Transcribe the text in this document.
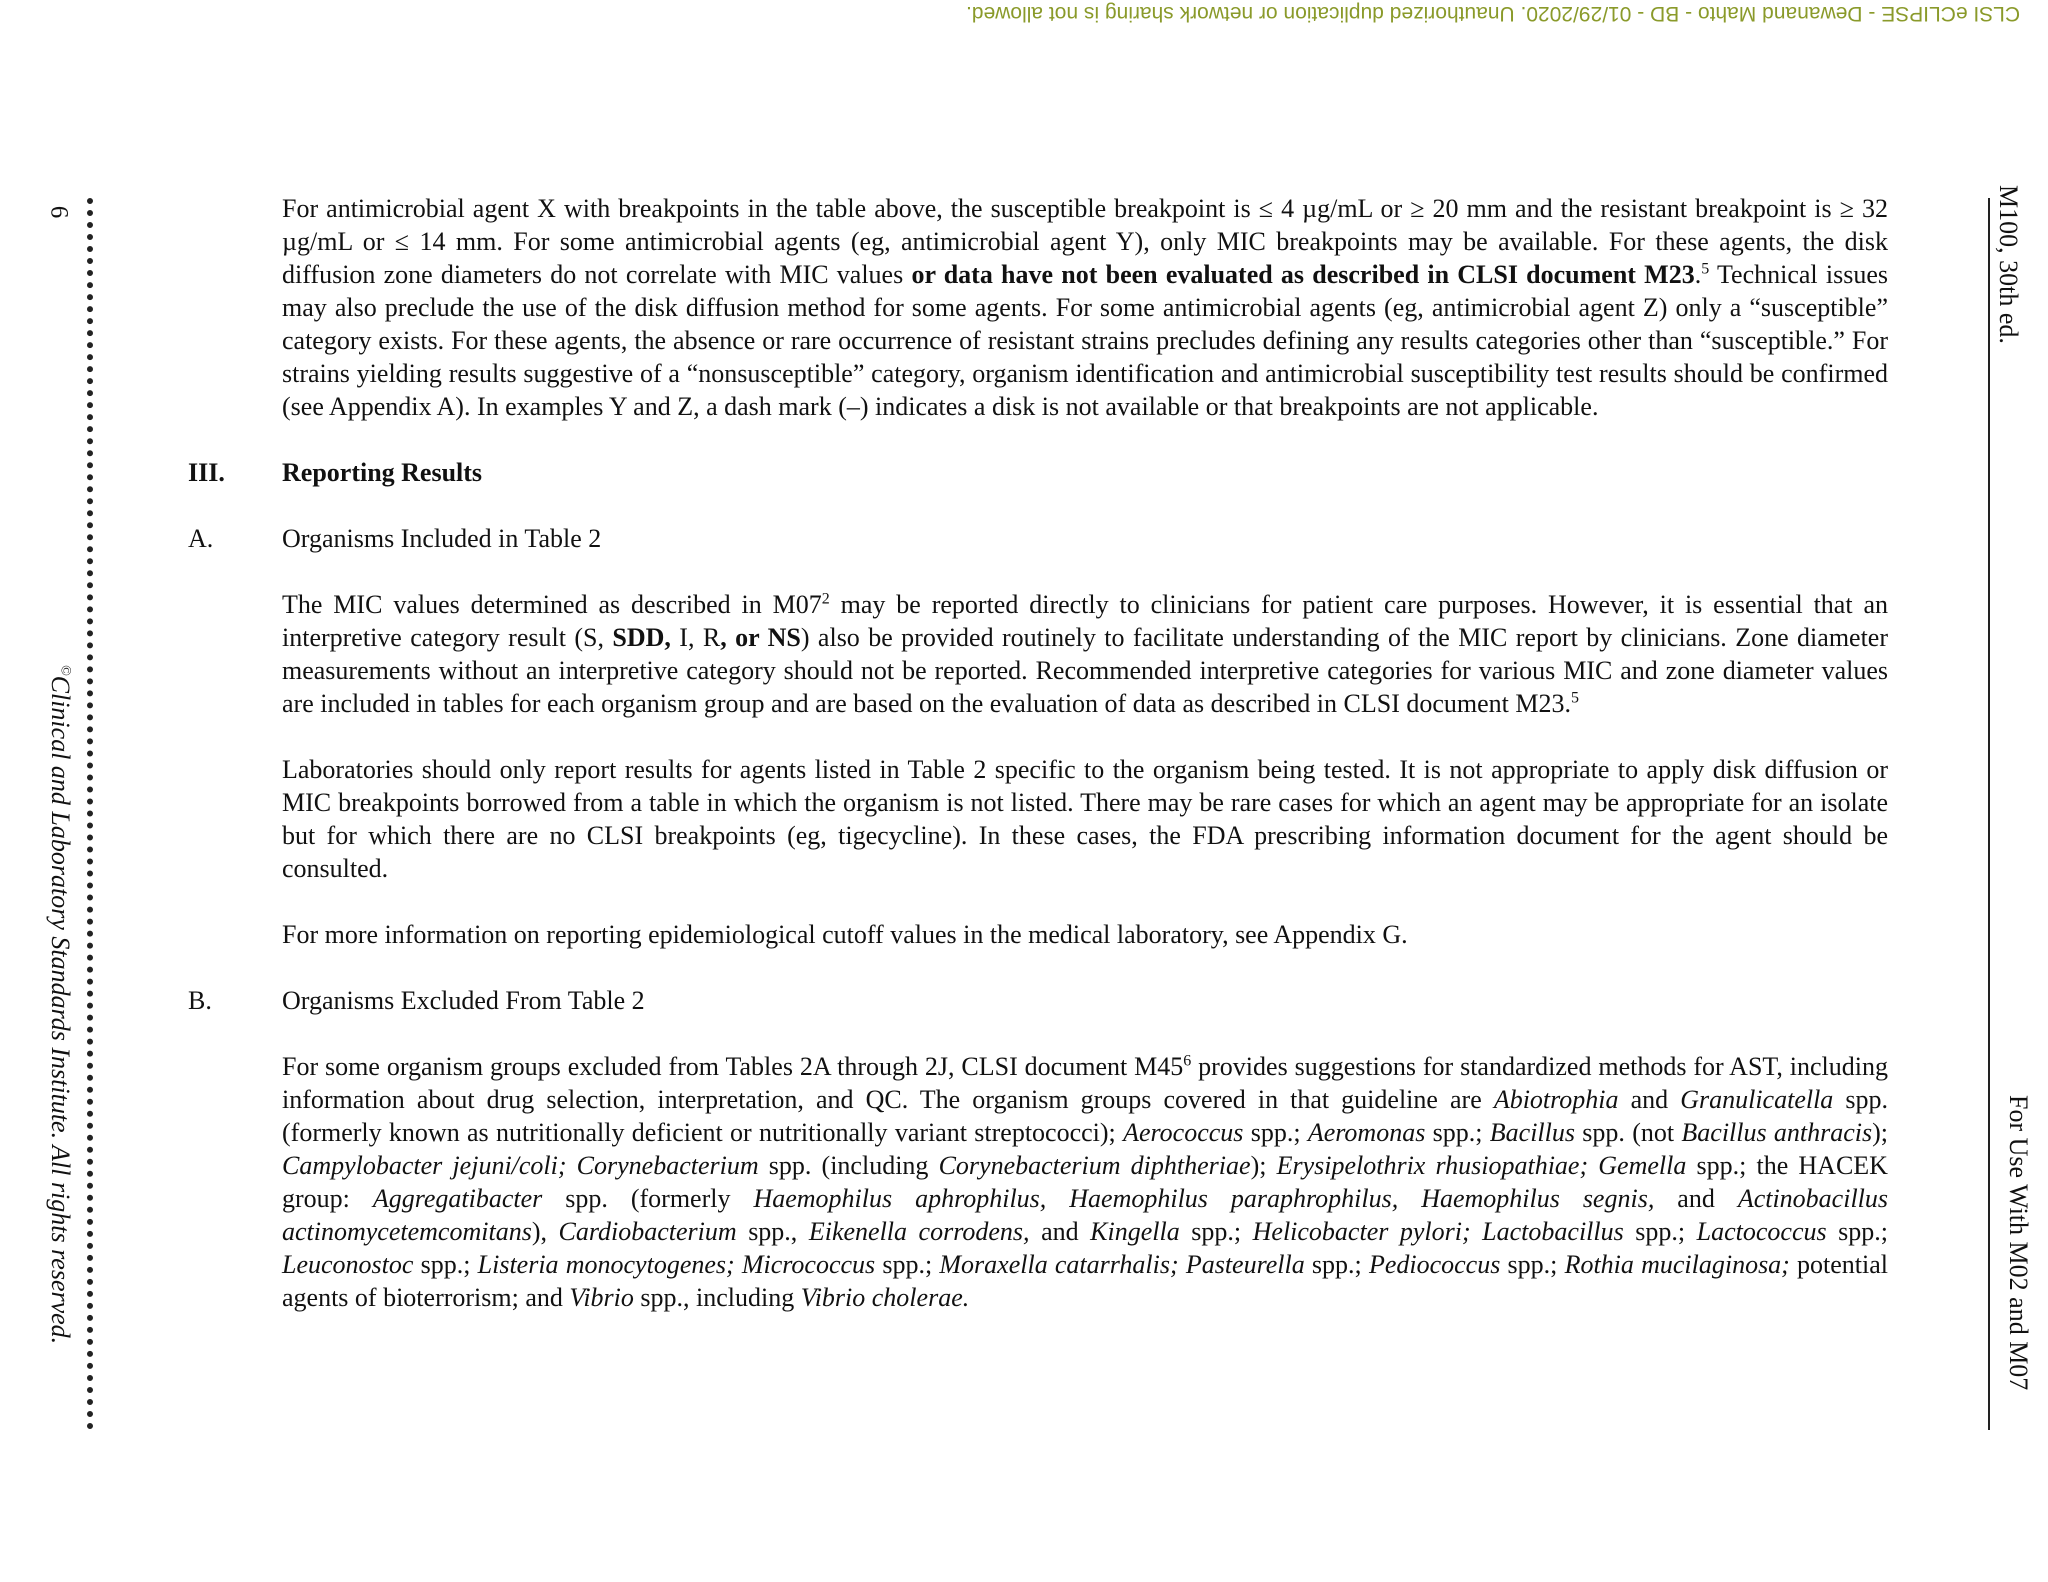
CLSI eCLIPSE - Dewanand Mahto - BD - 01/29/2020. Unauthorized duplication or network sharing is not allowed.
6
©Clinical and Laboratory Standards Institute. All rights reserved.
M100, 30th ed.
For Use With M02 and M07

For antimicrobial agent X with breakpoints in the table above, the susceptible breakpoint is ≤ 4 µg/mL or ≥ 20 mm and the resistant breakpoint is ≥ 32 µg/mL or ≤ 14 mm. For some antimicrobial agents (eg, antimicrobial agent Y), only MIC breakpoints may be available. For these agents, the disk diffusion zone diameters do not correlate with MIC values or data have not been evaluated as described in CLSI document M23.$^5$ Technical issues may also preclude the use of the disk diffusion method for some agents. For some antimicrobial agents (eg, antimicrobial agent Z) only a “susceptible” category exists. For these agents, the absence or rare occurrence of resistant strains precludes defining any results categories other than “susceptible.” For strains yielding results suggestive of a “nonsusceptible” category, organism identification and antimicrobial susceptibility test results should be confirmed (see Appendix A). In examples Y and Z, a dash mark (–) indicates a disk is not available or that breakpoints are not applicable.

III.	Reporting Results
A.	Organisms Included in Table 2

The MIC values determined as described in $M07^2$ may be reported directly to clinicians for patient care purposes. However, it is essential that an interpretive category result (S, SDD, I, R, or NS) also be provided routinely to facilitate understanding of the MIC report by clinicians. Zone diameter measurements without an interpretive category should not be reported. Recommended interpretive categories for various MIC and zone diameter values are included in tables for each organism group and are based on the evaluation of data as described in CLSI document M23.$^5$

Laboratories should only report results for agents listed in Table 2 specific to the organism being tested. It is not appropriate to apply disk diffusion or MIC breakpoints borrowed from a table in which the organism is not listed. There may be rare cases for which an agent may be appropriate for an isolate but for which there are no CLSI breakpoints (eg, tigecycline). In these cases, the FDA prescribing information document for the agent should be consulted.

For more information on reporting epidemiological cutoff values in the medical laboratory, see Appendix G.

B.	Organisms Excluded From Table 2

For some organism groups excluded from Tables 2A through 2J, CLSI document $M45^6$ provides suggestions for standardized methods for AST, including information about drug selection, interpretation, and QC. The organism groups covered in that guideline are Abiotrophia and Granulicatella spp. (formerly known as nutritionally deficient or nutritionally variant streptococci); Aerococcus spp.; Aeromonas spp.; Bacillus spp. (not Bacillus anthracis); Campylobacter jejuni/coli; Corynebacterium spp. (including Corynebacterium diphtheriae); Erysipelothrix rhusiopathiae; Gemella spp.; the HACEK group: Aggregatibacter spp. (formerly Haemophilus aphrophilus, Haemophilus paraphrophilus, Haemophilus segnis, and Actinobacillus actinomycetemcomitans), Cardiobacterium spp., Eikenella corrodens, and Kingella spp.; Helicobacter pylori; Lactobacillus spp.; Lactococcus spp.; Leuconostoc spp.; Listeria monocytogenes; Micrococcus spp.; Moraxella catarrhalis; Pasteurella spp.; Pediococcus spp.; Rothia mucilaginosa; potential agents of bioterrorism; and Vibrio spp., including Vibrio cholerae.
